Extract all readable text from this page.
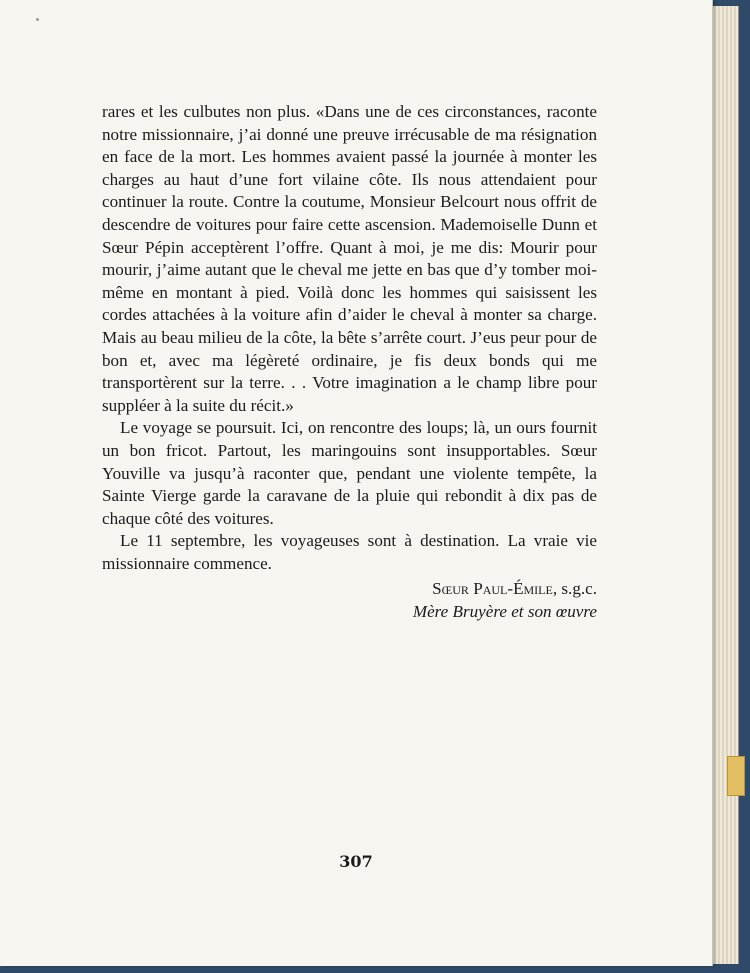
rares et les culbutes non plus. «Dans une de ces circonstances, raconte notre missionnaire, j’ai donné une preuve irrécusable de ma résignation en face de la mort. Les hommes avaient passé la journée à monter les charges au haut d’une fort vilaine côte. Ils nous attendaient pour continuer la route. Contre la coutume, Monsieur Belcourt nous offrit de descendre de voitures pour faire cette ascension. Mademoiselle Dunn et Sœur Pépin acceptèrent l’offre. Quant à moi, je me dis: Mourir pour mourir, j’aime autant que le cheval me jette en bas que d’y tomber moi-même en montant à pied. Voilà donc les hommes qui saisissent les cordes attachées à la voiture afin d’aider le cheval à monter sa charge. Mais au beau milieu de la côte, la bête s’arrête court. J’eus peur pour de bon et, avec ma légèreté ordinaire, je fis deux bonds qui me transportèrent sur la terre. . . Votre imagination a le champ libre pour suppléer à la suite du récit.»

Le voyage se poursuit. Ici, on rencontre des loups; là, un ours fournit un bon fricot. Partout, les maringouins sont insupportables. Sœur Youville va jusqu’à raconter que, pendant une violente tempête, la Sainte Vierge garde la caravane de la pluie qui rebondit à dix pas de chaque côté des voitures.

Le 11 septembre, les voyageuses sont à destination. La vraie vie missionnaire commence.

Sœur Paul-Émile, s.g.c.
Mère Bruyère et son œuvre
307
